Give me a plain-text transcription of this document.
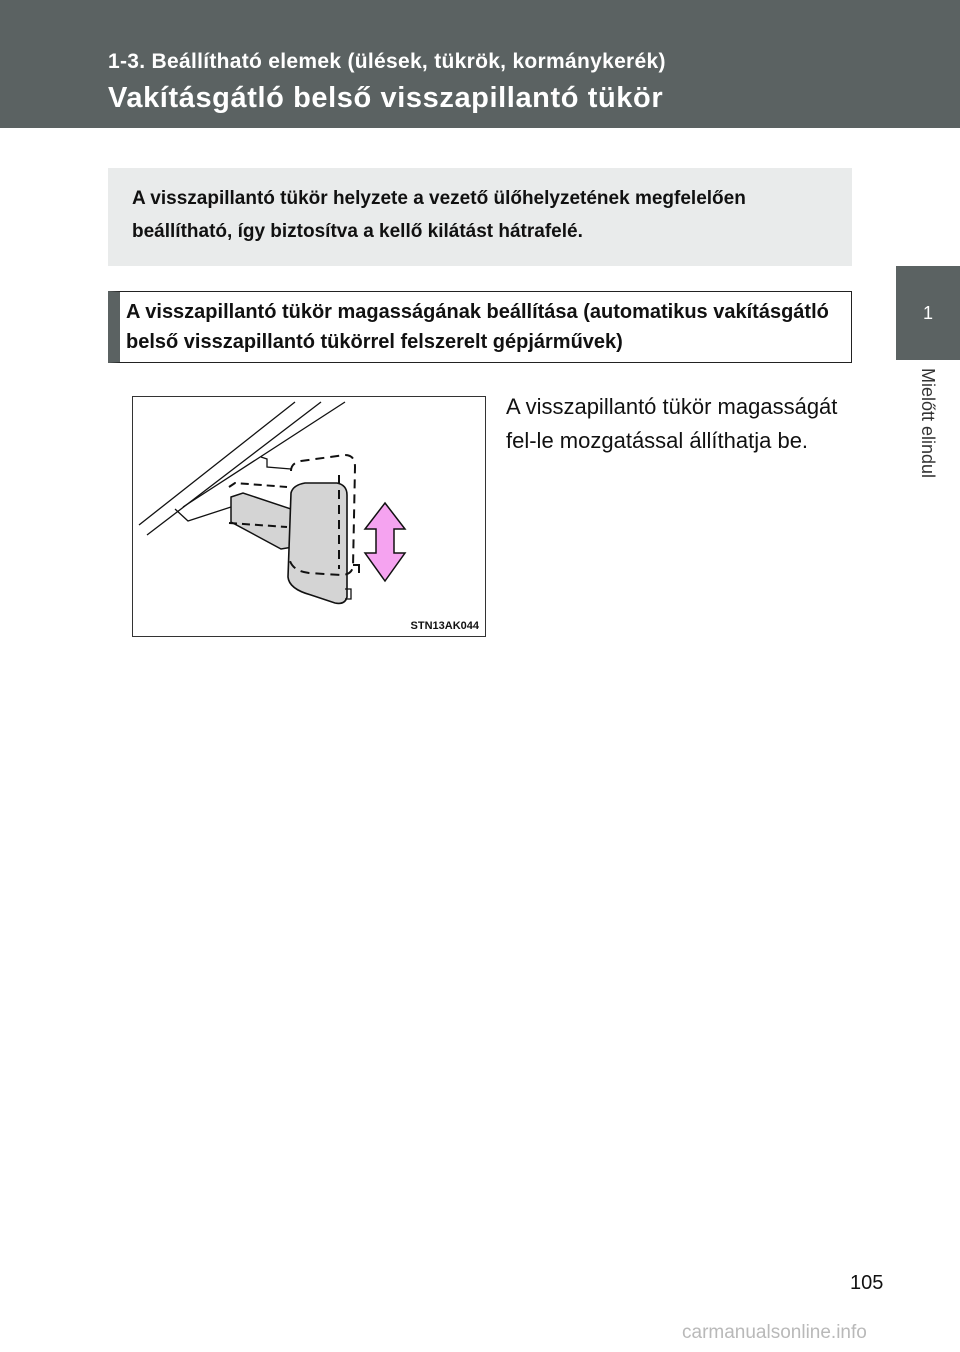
1-3. Beállítható elemek (ülések, tükrök, kormánykerék)
Vakításgátló belső visszapillantó tükör
1
Mielőtt elindul

A visszapillantó tükör helyzete a vezető ülőhelyzetének megfelelően beállítható, így biztosítva a kellő kilátást hátrafelé.

A visszapillantó tükör magasságának beállítása (automatikus vakításgátló belső visszapillantó tükörrel felszerelt gépjárművek)

STN13AK044

A visszapillantó tükör magasságát fel-le mozgatással állíthatja be.

105
carmanualsonline.info
